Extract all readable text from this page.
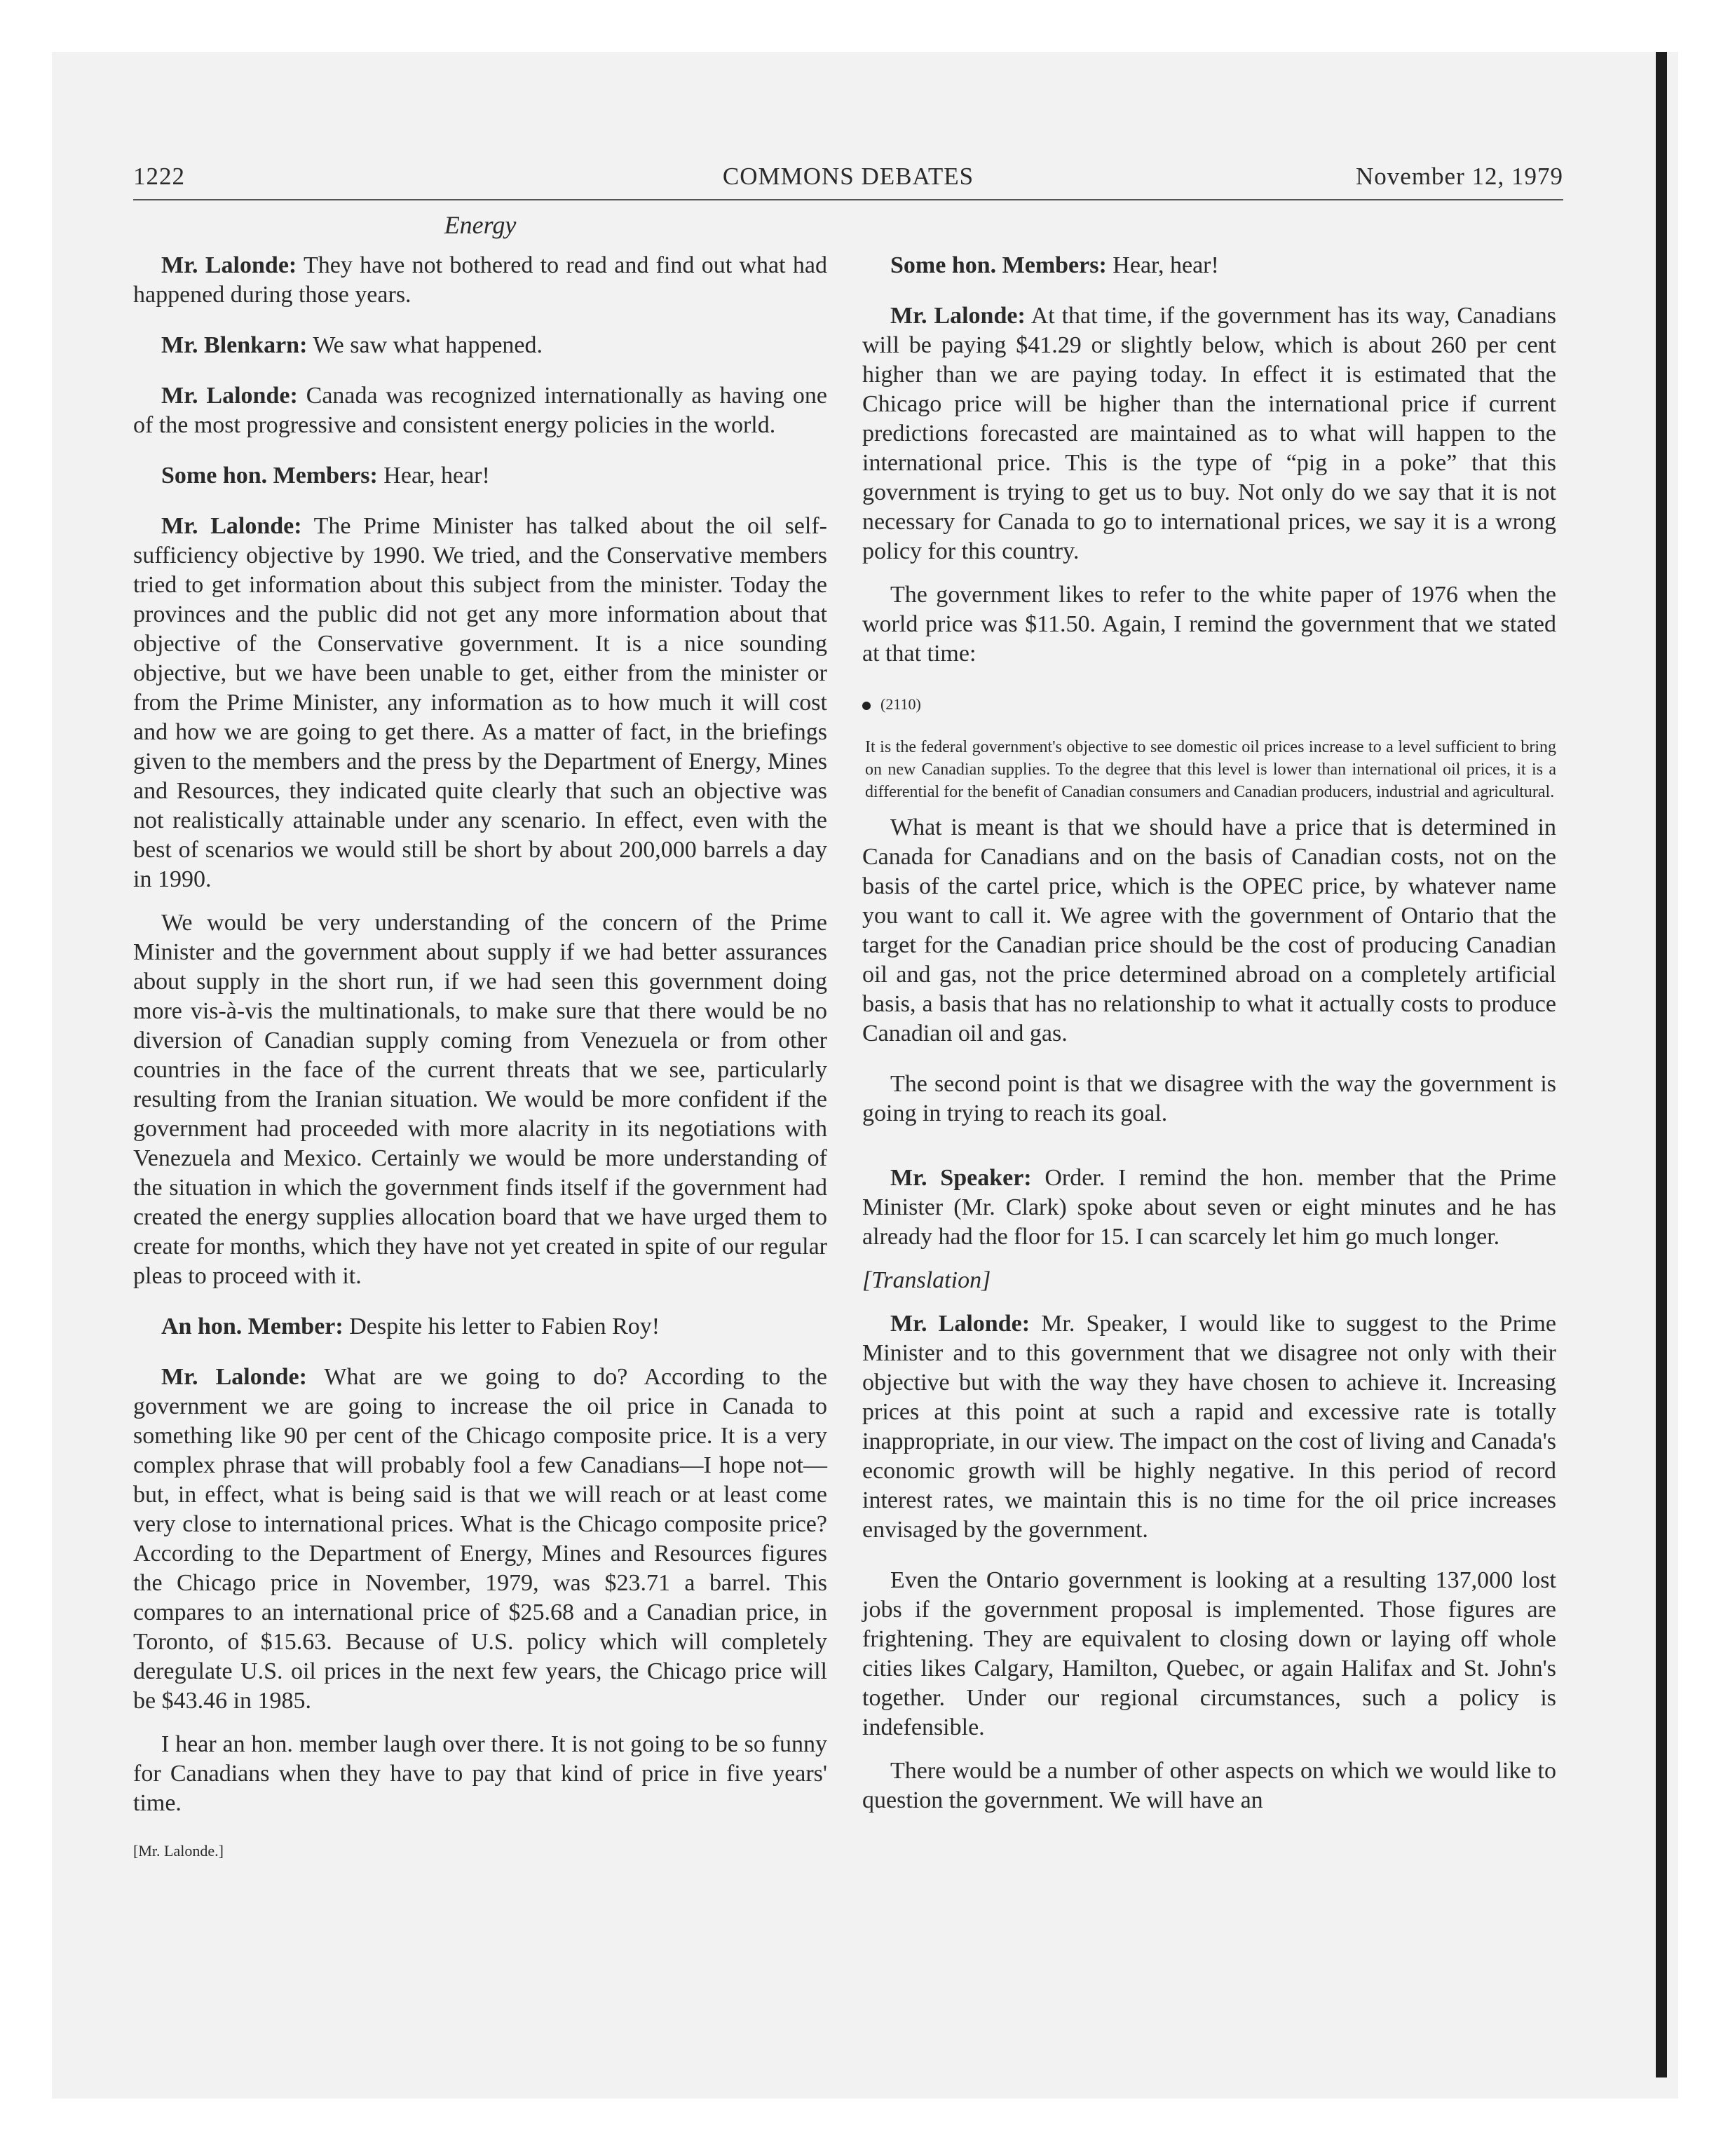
1222	COMMONS DEBATES	November 12, 1979
Energy

Mr. Lalonde: They have not bothered to read and find out what had happened during those years.

Mr. Blenkarn: We saw what happened.

Mr. Lalonde: Canada was recognized internationally as having one of the most progressive and consistent energy policies in the world.

Some hon. Members: Hear, hear!

Mr. Lalonde: The Prime Minister has talked about the oil self-sufficiency objective by 1990. We tried, and the Conservative members tried to get information about this subject from the minister. Today the provinces and the public did not get any more information about that objective of the Conservative government. It is a nice sounding objective, but we have been unable to get, either from the minister or from the Prime Minister, any information as to how much it will cost and how we are going to get there. As a matter of fact, in the briefings given to the members and the press by the Department of Energy, Mines and Resources, they indicated quite clearly that such an objective was not realistically attainable under any scenario. In effect, even with the best of scenarios we would still be short by about 200,000 barrels a day in 1990.

We would be very understanding of the concern of the Prime Minister and the government about supply if we had better assurances about supply in the short run, if we had seen this government doing more vis-à-vis the multinationals, to make sure that there would be no diversion of Canadian supply coming from Venezuela or from other countries in the face of the current threats that we see, particularly resulting from the Iranian situation. We would be more confident if the government had proceeded with more alacrity in its negotiations with Venezuela and Mexico. Certainly we would be more understanding of the situation in which the government finds itself if the government had created the energy supplies allocation board that we have urged them to create for months, which they have not yet created in spite of our regular pleas to proceed with it.

An hon. Member: Despite his letter to Fabien Roy!

Mr. Lalonde: What are we going to do? According to the government we are going to increase the oil price in Canada to something like 90 per cent of the Chicago composite price. It is a very complex phrase that will probably fool a few Canadians—I hope not—but, in effect, what is being said is that we will reach or at least come very close to international prices. What is the Chicago composite price? According to the Department of Energy, Mines and Resources figures the Chicago price in November, 1979, was $23.71 a barrel. This compares to an international price of $25.68 and a Canadian price, in Toronto, of $15.63. Because of U.S. policy which will completely deregulate U.S. oil prices in the next few years, the Chicago price will be $43.46 in 1985.

I hear an hon. member laugh over there. It is not going to be so funny for Canadians when they have to pay that kind of price in five years' time.

[Mr. Lalonde.]

Some hon. Members: Hear, hear!

Mr. Lalonde: At that time, if the government has its way, Canadians will be paying $41.29 or slightly below, which is about 260 per cent higher than we are paying today. In effect it is estimated that the Chicago price will be higher than the international price if current predictions forecasted are maintained as to what will happen to the international price. This is the type of “pig in a poke” that this government is trying to get us to buy. Not only do we say that it is not necessary for Canada to go to international prices, we say it is a wrong policy for this country.

The government likes to refer to the white paper of 1976 when the world price was $11.50. Again, I remind the government that we stated at that time:

(2110)

It is the federal government's objective to see domestic oil prices increase to a level sufficient to bring on new Canadian supplies. To the degree that this level is lower than international oil prices, it is a differential for the benefit of Canadian consumers and Canadian producers, industrial and agricultural.

What is meant is that we should have a price that is determined in Canada for Canadians and on the basis of Canadian costs, not on the basis of the cartel price, which is the OPEC price, by whatever name you want to call it. We agree with the government of Ontario that the target for the Canadian price should be the cost of producing Canadian oil and gas, not the price determined abroad on a completely artificial basis, a basis that has no relationship to what it actually costs to produce Canadian oil and gas.

The second point is that we disagree with the way the government is going in trying to reach its goal.

Mr. Speaker: Order. I remind the hon. member that the Prime Minister (Mr. Clark) spoke about seven or eight minutes and he has already had the floor for 15. I can scarcely let him go much longer.

[Translation]

Mr. Lalonde: Mr. Speaker, I would like to suggest to the Prime Minister and to this government that we disagree not only with their objective but with the way they have chosen to achieve it. Increasing prices at this point at such a rapid and excessive rate is totally inappropriate, in our view. The impact on the cost of living and Canada's economic growth will be highly negative. In this period of record interest rates, we maintain this is no time for the oil price increases envisaged by the government.

Even the Ontario government is looking at a resulting 137,000 lost jobs if the government proposal is implemented. Those figures are frightening. They are equivalent to closing down or laying off whole cities likes Calgary, Hamilton, Quebec, or again Halifax and St. John's together. Under our regional circumstances, such a policy is indefensible.

There would be a number of other aspects on which we would like to question the government. We will have an
